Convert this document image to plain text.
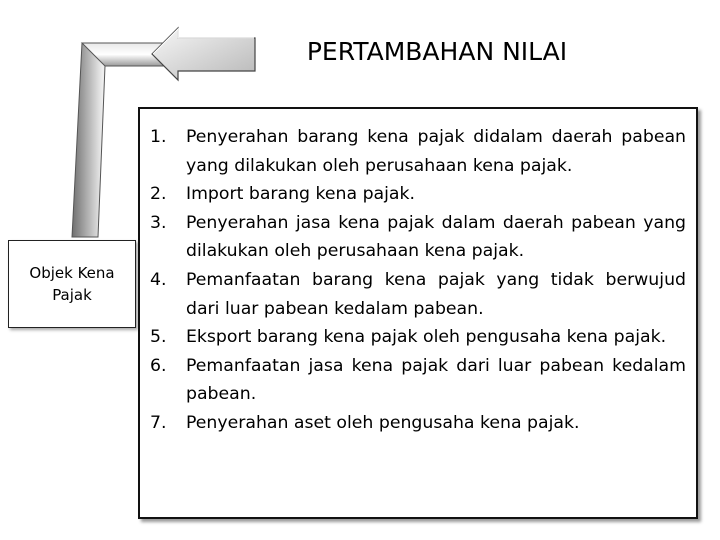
PERTAMBAHAN NILAI
Objek Kena Pajak
1. Penyerahan barang kena pajak didalam daerah pabean yang dilakukan oleh perusahaan kena pajak.
2. Import barang kena pajak.
3. Penyerahan jasa kena pajak dalam daerah pabean yang dilakukan oleh perusahaan kena pajak.
4. Pemanfaatan barang kena pajak yang tidak berwujud dari luar pabean kedalam pabean.
5. Eksport barang kena pajak oleh pengusaha kena pajak.
6. Pemanfaatan jasa kena pajak dari luar pabean kedalam pabean.
7. Penyerahan aset oleh pengusaha kena pajak.
